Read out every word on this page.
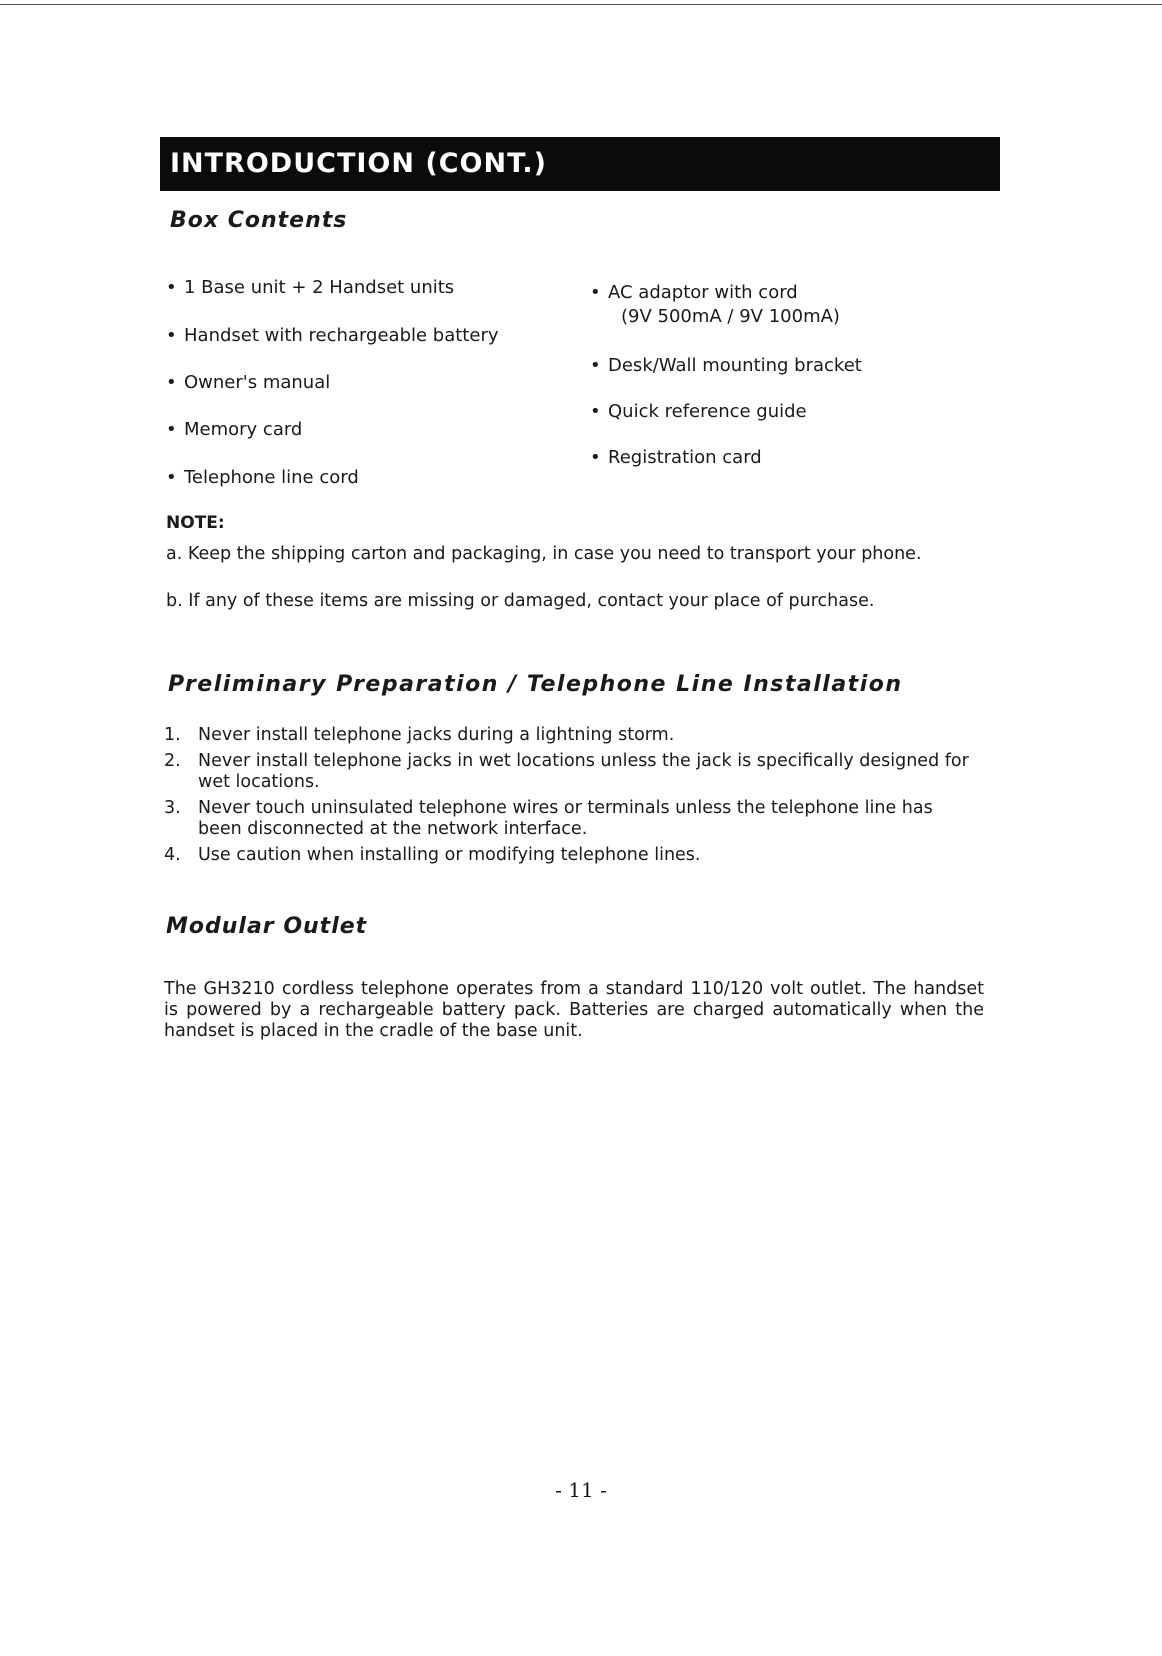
INTRODUCTION (CONT.)
Box Contents
• 1 Base unit + 2 Handset units
• Handset with rechargeable battery
• Owner's manual
• Memory card
• Telephone line cord
• AC adaptor with cord
(9V 500mA / 9V 100mA)
• Desk/Wall mounting bracket
• Quick reference guide
• Registration card
NOTE:
a. Keep the shipping carton and packaging, in case you need to transport your phone.
b. If any of these items are missing or damaged, contact your place of purchase.
Preliminary Preparation / Telephone Line Installation
1. Never install telephone jacks during a lightning storm.
2. Never install telephone jacks in wet locations unless the jack is specifically designed for wet locations.
3. Never touch uninsulated telephone wires or terminals unless the telephone line has been disconnected at the network interface.
4. Use caution when installing or modifying telephone lines.
Modular Outlet
The GH3210 cordless telephone operates from a standard 110/120 volt outlet. The handset is powered by a rechargeable battery pack. Batteries are charged automatically when the handset is placed in the cradle of the base unit.
- 11 -
